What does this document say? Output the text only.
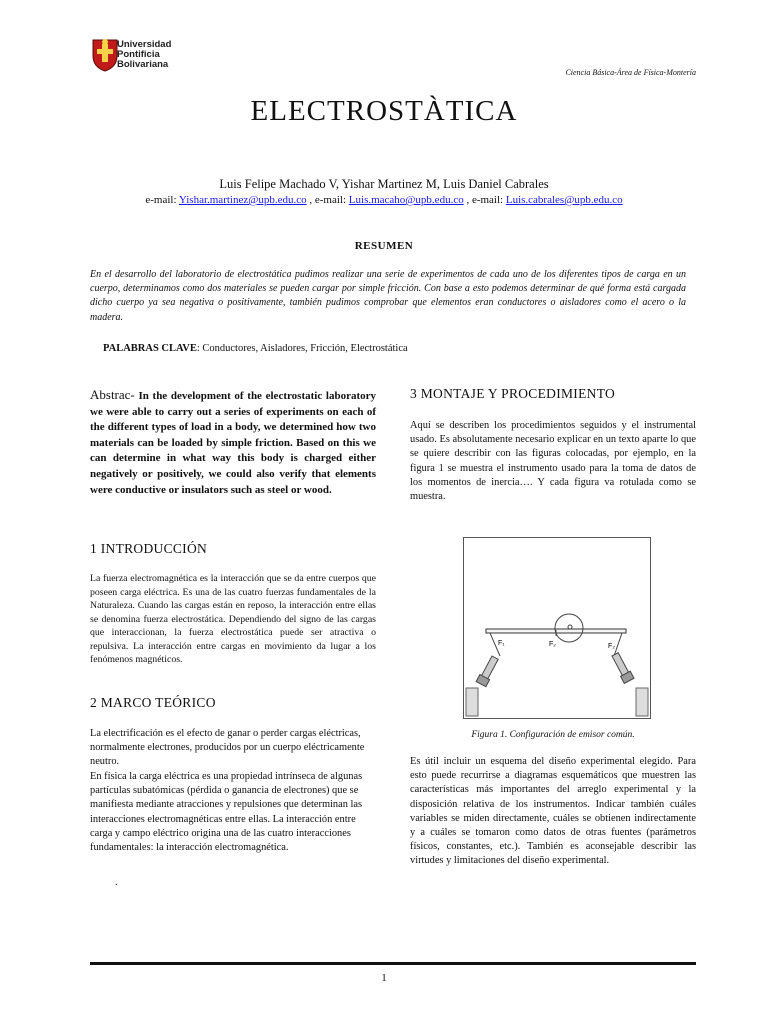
Universidad
Pontificia
Bolivariana
Ciencia Básica-Área de Física-Montería
ELECTROSTÀTICA
Luis Felipe Machado V, Yishar Martinez M, Luis Daniel Cabrales
e-mail: Yishar.martinez@upb.edu.co , e-mail: Luis.macaho@upb.edu.co , e-mail: Luis.cabrales@upb.edu.co
RESUMEN
En el desarrollo del laboratorio de electrostática pudimos realizar una serie de experimentos de cada uno de los diferentes tipos de carga en un cuerpo, determinamos como dos materiales se pueden cargar por simple fricción. Con base a esto podemos determinar de qué forma está cargada dicho cuerpo ya sea negativa o positivamente, también pudimos comprobar que elementos eran conductores o aisladores como el acero o la madera.
PALABRAS CLAVE: Conductores, Aisladores, Fricción, Electrostática
Abstrac- In the development of the electrostatic laboratory we were able to carry out a series of experiments on each of the different types of load in a body, we determined how two materials can be loaded by simple friction. Based on this we can determine in what way this body is charged either negatively or positively, we could also verify that elements were conductive or insulators such as steel or wood.
1 INTRODUCCIÓN
La fuerza electromagnética es la interacción que se da entre cuerpos que poseen carga eléctrica. Es una de las cuatro fuerzas fundamentales de la Naturaleza. Cuando las cargas están en reposo, la interacción entre ellas se denomina fuerza electrostática. Dependiendo del signo de las cargas que interaccionan, la fuerza electrostática puede ser atractiva o repulsiva. La interacción entre cargas en movimiento da lugar a los fenómenos magnéticos.
2 MARCO TEÓRICO
La electrificación es el efecto de ganar o perder cargas eléctricas, normalmente electrones, producidos por un cuerpo eléctricamente neutro.
En física la carga eléctrica es una propiedad intrínseca de algunas partículas subatómicas (pérdida o ganancia de electrones) que se manifiesta mediante atracciones y repulsiones que determinan las interacciones electromagnéticas entre ellas. La interacción entre carga y campo eléctrico origina una de las cuatro interacciones fundamentales: la interacción electromagnética.
.
3 MONTAJE Y PROCEDIMIENTO
Aquí se describen los procedimientos seguidos y el instrumental usado. Es absolutamente necesario explicar en un texto aparte lo que se quiere describir con las figuras colocadas, por ejemplo, en la figura 1 se muestra el instrumento usado para la toma de datos de los momentos de inercia…. Y cada figura va rotulada como se muestra.
F₁	F₂	F₂
Figura 1. Configuración de emisor común.
Es útil incluir un esquema del diseño experimental elegido. Para esto puede recurrirse a diagramas esquemáticos que muestren las características más importantes del arreglo experimental y la disposición relativa de los instrumentos. Indicar también cuáles variables se miden directamente, cuáles se obtienen indirectamente y a cuáles se tomaron como datos de otras fuentes (parámetros físicos, constantes, etc.). También es aconsejable describir las virtudes y limitaciones del diseño experimental.
1
